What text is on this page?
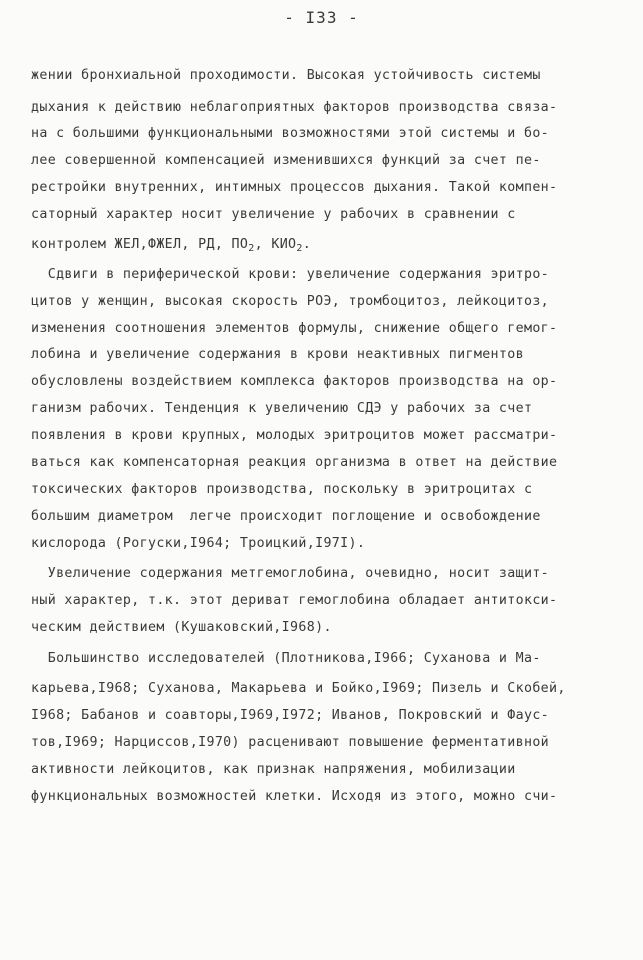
- I33 -
жении бронхиальной проходимости. Высокая устойчивость системы
дыхания к действию неблагоприятных факторов производства связа-
на с большими функциональными возможностями этой системы и бо-
лее совершенной компенсацией изменившихся функций за счет пе-
рестройки внутренних, интимных процессов дыхания. Такой компен-
саторный характер носит увеличение у рабочих в сравнении с
контролем ЖЕЛ,ФЖЕЛ, РД, $ПО_2$, $КИО_2$.
Сдвиги в периферической крови: увеличение содержания эритро-
цитов у женщин, высокая скорость РОЭ, тромбоцитоз, лейкоцитоз,
изменения соотношения элементов формулы, снижение общего гемог-
лобина и увеличение содержания в крови неактивных пигментов
обусловлены воздействием комплекса факторов производства на ор-
ганизм рабочих. Тенденция к увеличению СДЭ у рабочих за счет
появления в крови крупных, молодых эритроцитов может рассматри-
ваться как компенсаторная реакция организма в ответ на действие
токсических факторов производства, поскольку в эритроцитах с
большим диаметром  легче происходит поглощение и освобождение
кислорода (Рогуски,I964; Троицкий,I97I).
Увеличение содержания метгемоглобина, очевидно, носит защит-
ный характер, т.к. этот дериват гемоглобина обладает антитокси-
ческим действием (Кушаковский,I968).
Большинство исследователей (Плотникова,I966; Суханова и Ма-
карьева,I968; Суханова, Макарьева и Бойко,I969; Пизель и Скобей,
I968; Бабанов и соавторы,I969,I972; Иванов, Покровский и Фаус-
тов,I969; Нарциссов,I970) расценивают повышение ферментативной
активности лейкоцитов, как признак напряжения, мобилизации
функциональных возможностей клетки. Исходя из этого, можно счи-
